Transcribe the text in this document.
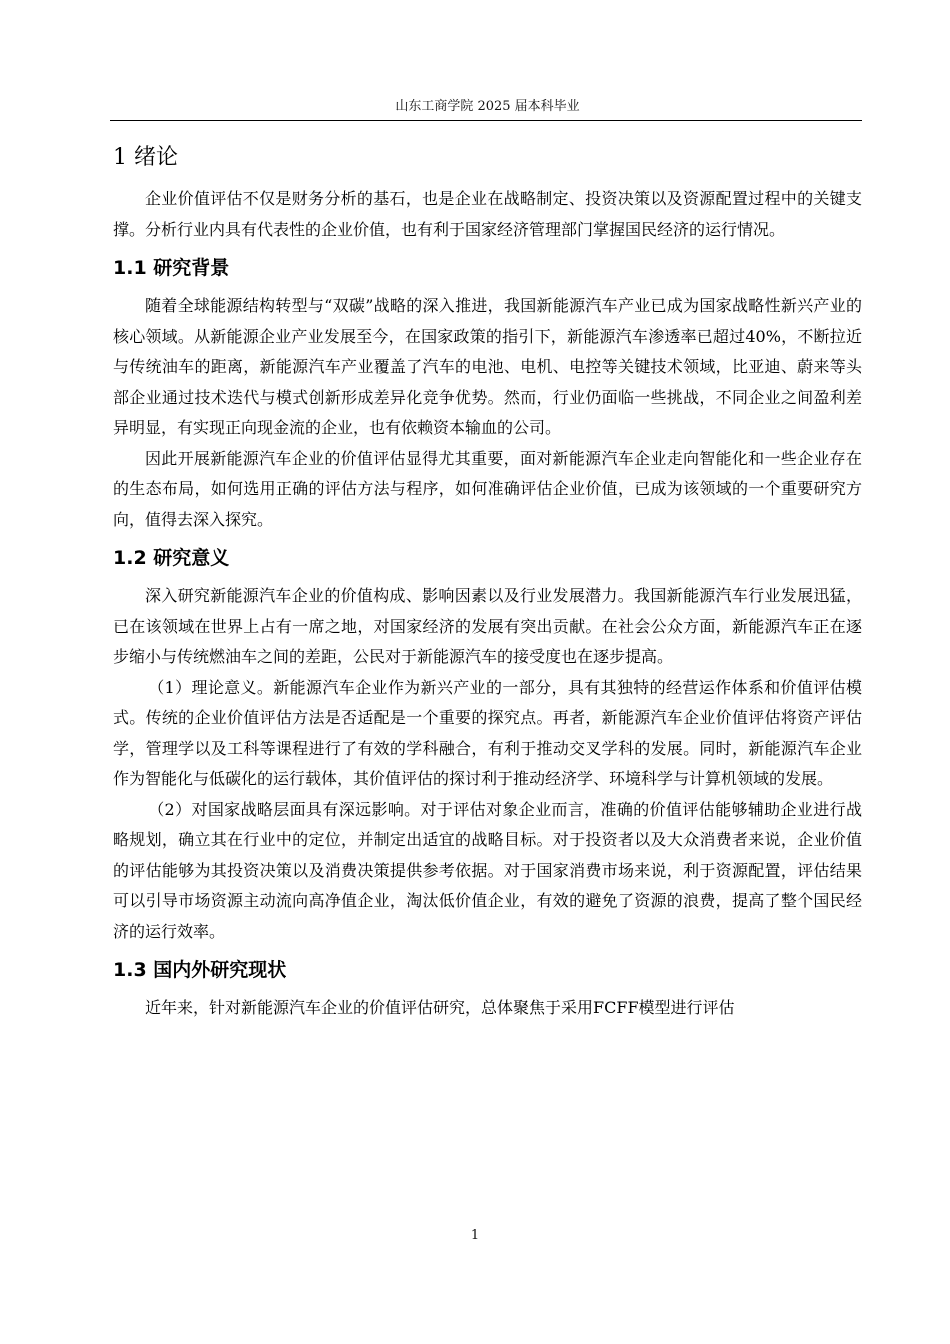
山东工商学院 2025 届本科毕业
1 绪论

企业价值评估不仅是财务分析的基石，也是企业在战略制定、投资决策以及资源配置过程中的关键支撑。分析行业内具有代表性的企业价值，也有利于国家经济管理部门掌握国民经济的运行情况。

1.1 研究背景

随着全球能源结构转型与“双碳”战略的深入推进，我国新能源汽车产业已成为国家战略性新兴产业的核心领域。从新能源企业产业发展至今，在国家政策的指引下，新能源汽车渗透率已超过40%，不断拉近与传统油车的距离，新能源汽车产业覆盖了汽车的电池、电机、电控等关键技术领域，比亚迪、蔚来等头部企业通过技术迭代与模式创新形成差异化竞争优势。然而，行业仍面临一些挑战，不同企业之间盈利差异明显，有实现正向现金流的企业，也有依赖资本输血的公司。

因此开展新能源汽车企业的价值评估显得尤其重要，面对新能源汽车企业走向智能化和一些企业存在的生态布局，如何选用正确的评估方法与程序，如何准确评估企业价值，已成为该领域的一个重要研究方向，值得去深入探究。

1.2 研究意义

深入研究新能源汽车企业的价值构成、影响因素以及行业发展潜力。我国新能源汽车行业发展迅猛，已在该领域在世界上占有一席之地，对国家经济的发展有突出贡献。在社会公众方面，新能源汽车正在逐步缩小与传统燃油车之间的差距，公民对于新能源汽车的接受度也在逐步提高。

（1）理论意义。新能源汽车企业作为新兴产业的一部分，具有其独特的经营运作体系和价值评估模式。传统的企业价值评估方法是否适配是一个重要的探究点。再者，新能源汽车企业价值评估将资产评估学，管理学以及工科等课程进行了有效的学科融合，有利于推动交叉学科的发展。同时，新能源汽车企业作为智能化与低碳化的运行载体，其价值评估的探讨利于推动经济学、环境科学与计算机领域的发展。

（2）对国家战略层面具有深远影响。对于评估对象企业而言，准确的价值评估能够辅助企业进行战略规划，确立其在行业中的定位，并制定出适宜的战略目标。对于投资者以及大众消费者来说，企业价值的评估能够为其投资决策以及消费决策提供参考依据。对于国家消费市场来说，利于资源配置，评估结果可以引导市场资源主动流向高净值企业，淘汰低价值企业，有效的避免了资源的浪费，提高了整个国民经济的运行效率。

1.3 国内外研究现状

近年来，针对新能源汽车企业的价值评估研究，总体聚焦于采用FCFF模型进行评估

1
